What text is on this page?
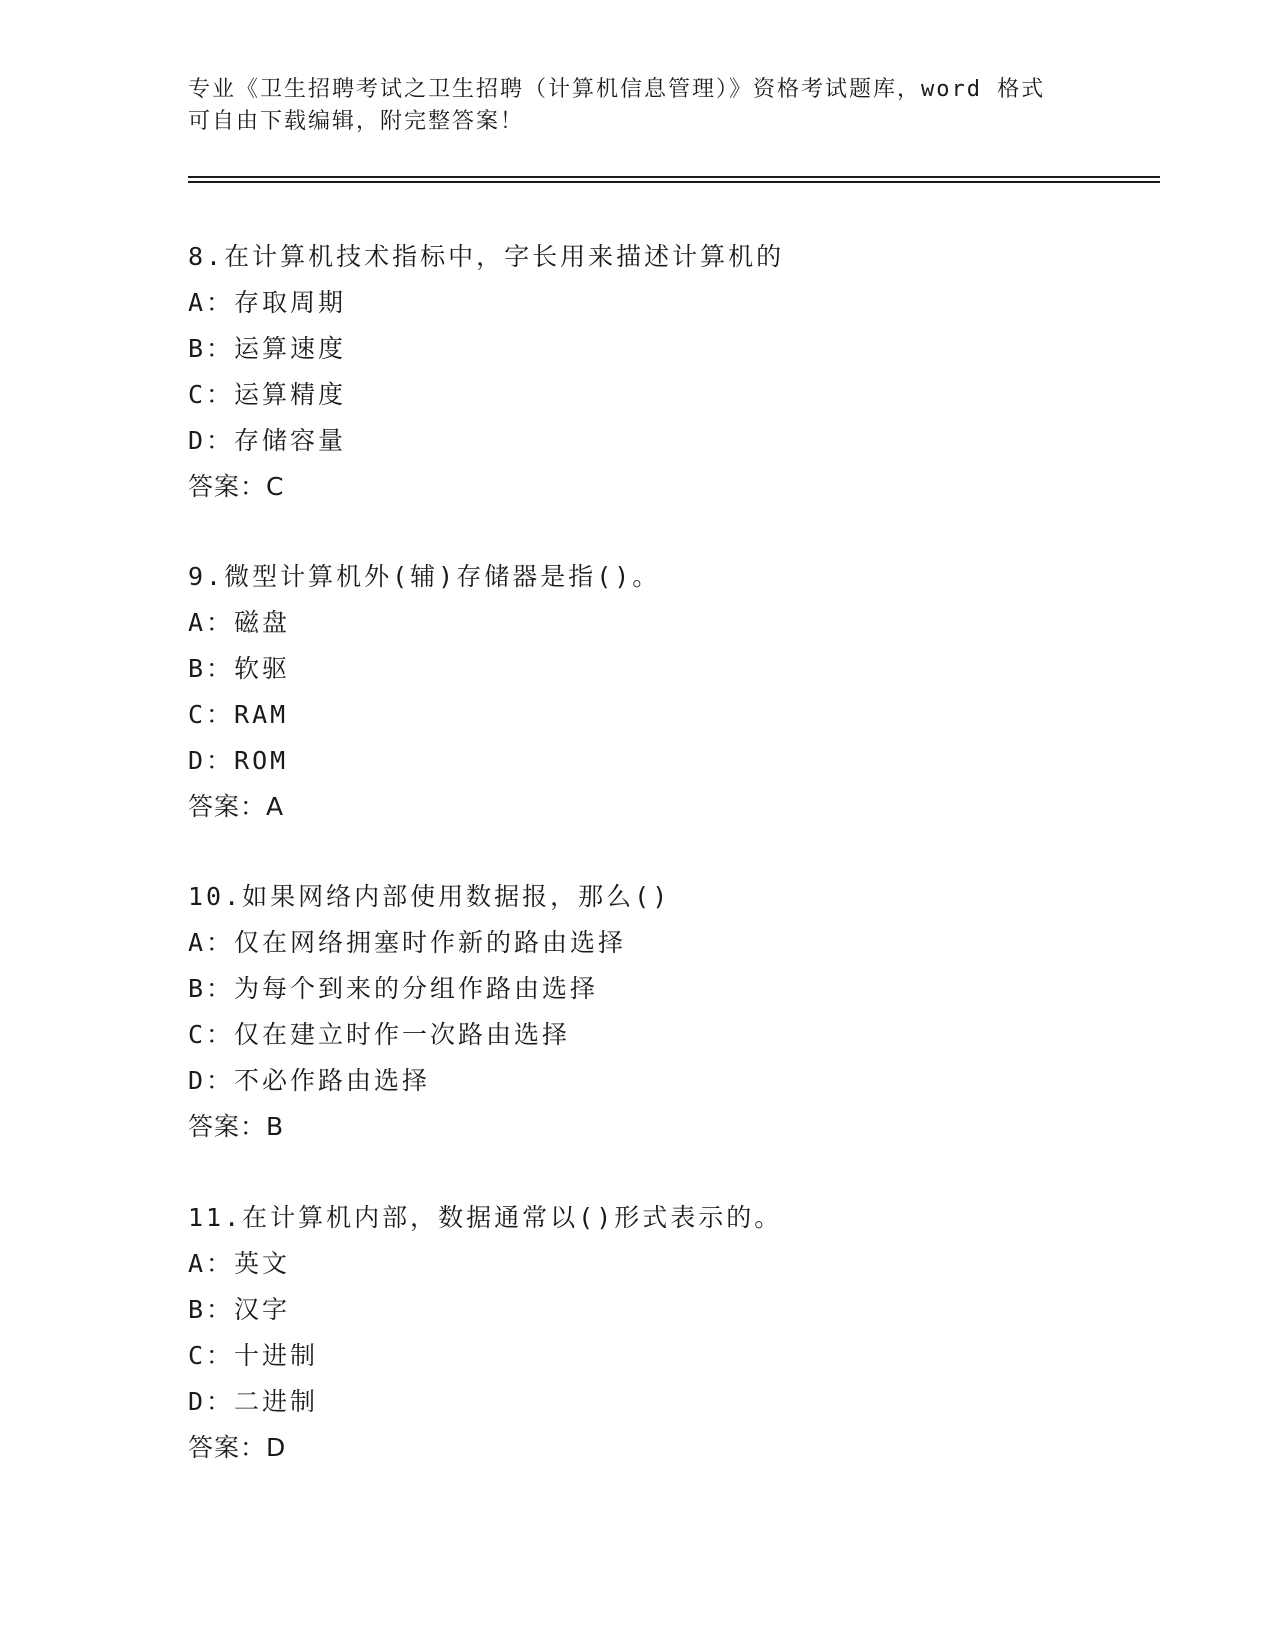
专业《卫生招聘考试之卫生招聘（计算机信息管理）》资格考试题库，word 格式
可自由下载编辑，附完整答案！
8.在计算机技术指标中，字长用来描述计算机的
A：存取周期
B：运算速度
C：运算精度
D：存储容量
答案：C
9.微型计算机外(辅)存储器是指()。
A：磁盘
B：软驱
C：RAM
D：ROM
答案：A
10.如果网络内部使用数据报，那么()
A：仅在网络拥塞时作新的路由选择
B：为每个到来的分组作路由选择
C：仅在建立时作一次路由选择
D：不必作路由选择
答案：B
11.在计算机内部，数据通常以()形式表示的。
A：英文
B：汉字
C：十进制
D：二进制
答案：D
